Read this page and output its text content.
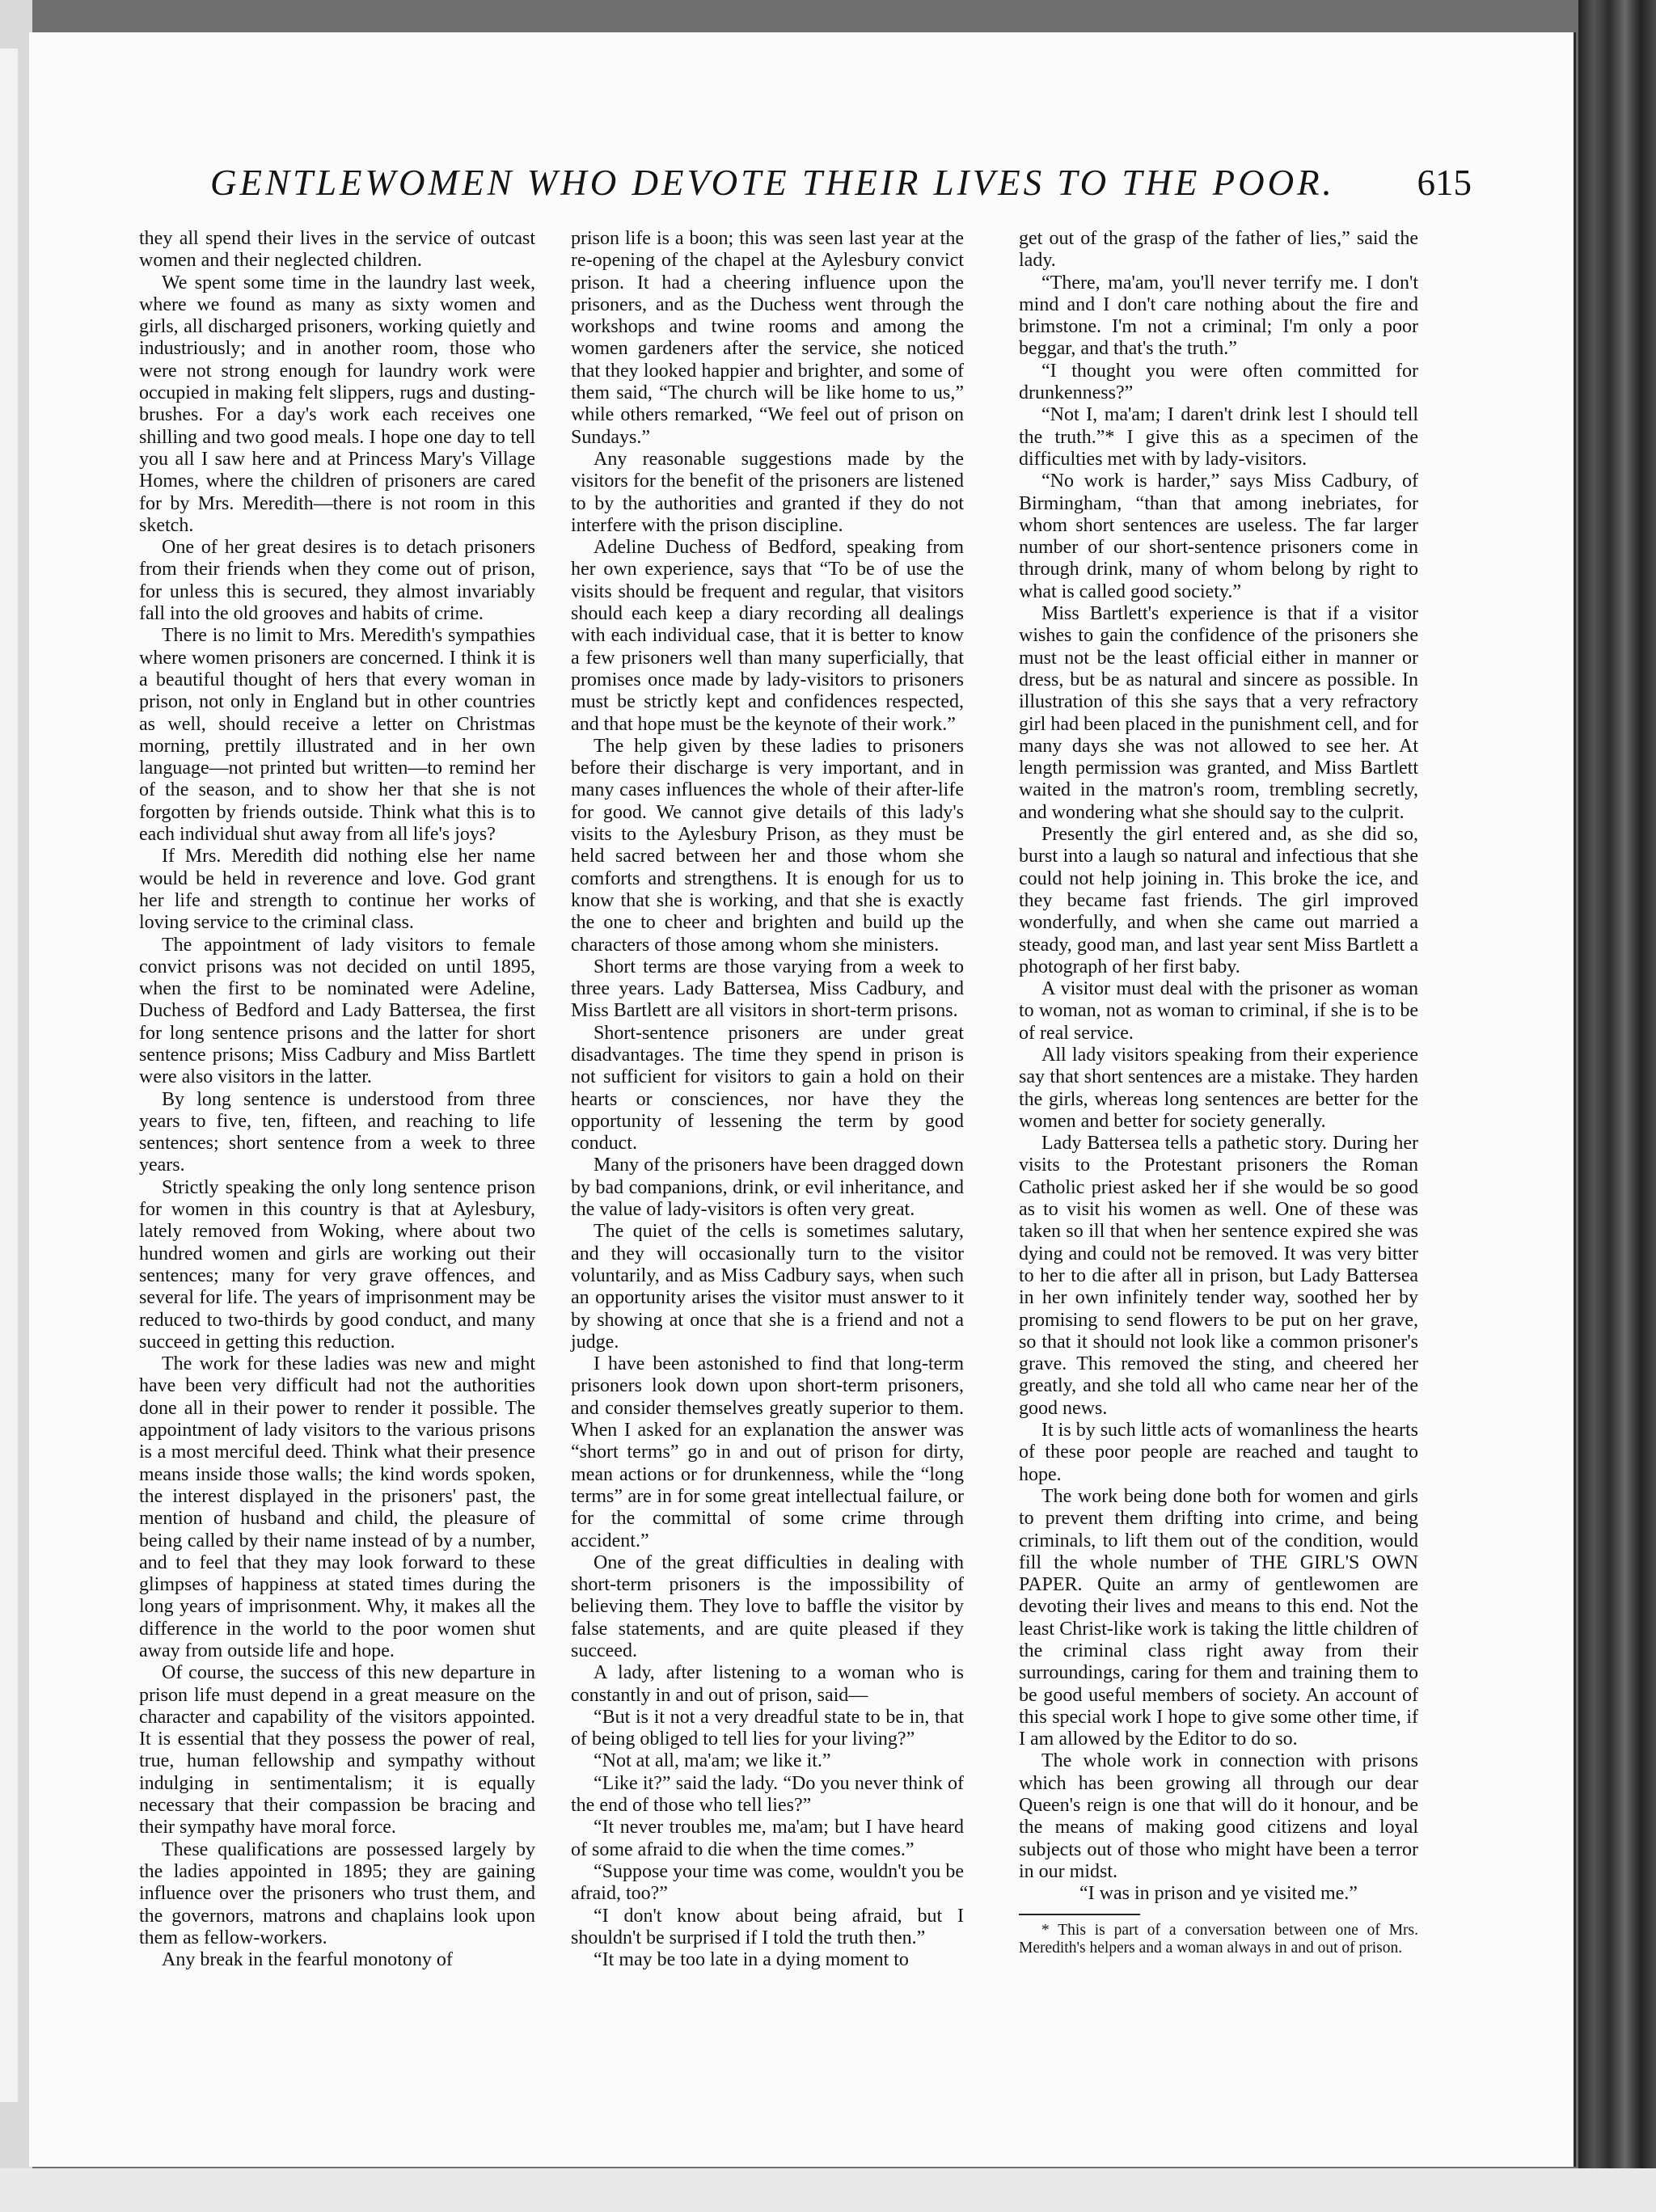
GENTLEWOMEN WHO DEVOTE THEIR LIVES TO THE POOR. 615

they all spend their lives in the service of outcast women and their neglected children.

We spent some time in the laundry last week, where we found as many as sixty women and girls, all discharged prisoners, working quietly and industriously; and in another room, those who were not strong enough for laundry work were occupied in making felt slippers, rugs and dusting-brushes. For a day's work each receives one shilling and two good meals. I hope one day to tell you all I saw here and at Princess Mary's Village Homes, where the children of prisoners are cared for by Mrs. Meredith—there is not room in this sketch.

One of her great desires is to detach prisoners from their friends when they come out of prison, for unless this is secured, they almost invariably fall into the old grooves and habits of crime.

There is no limit to Mrs. Meredith's sympathies where women prisoners are concerned. I think it is a beautiful thought of hers that every woman in prison, not only in England but in other countries as well, should receive a letter on Christmas morning, prettily illustrated and in her own language—not printed but written—to remind her of the season, and to show her that she is not forgotten by friends outside. Think what this is to each individual shut away from all life's joys?

If Mrs. Meredith did nothing else her name would be held in reverence and love. God grant her life and strength to continue her works of loving service to the criminal class.

The appointment of lady visitors to female convict prisons was not decided on until 1895, when the first to be nominated were Adeline, Duchess of Bedford and Lady Battersea, the first for long sentence prisons and the latter for short sentence prisons; Miss Cadbury and Miss Bartlett were also visitors in the latter.

By long sentence is understood from three years to five, ten, fifteen, and reaching to life sentences; short sentence from a week to three years.

Strictly speaking the only long sentence prison for women in this country is that at Aylesbury, lately removed from Woking, where about two hundred women and girls are working out their sentences; many for very grave offences, and several for life. The years of imprisonment may be reduced to two-thirds by good conduct, and many succeed in getting this reduction.

The work for these ladies was new and might have been very difficult had not the authorities done all in their power to render it possible. The appointment of lady visitors to the various prisons is a most merciful deed. Think what their presence means inside those walls; the kind words spoken, the interest displayed in the prisoners' past, the mention of husband and child, the pleasure of being called by their name instead of by a number, and to feel that they may look forward to these glimpses of happiness at stated times during the long years of imprisonment. Why, it makes all the difference in the world to the poor women shut away from outside life and hope.

Of course, the success of this new departure in prison life must depend in a great measure on the character and capability of the visitors appointed. It is essential that they possess the power of real, true, human fellowship and sympathy without indulging in sentimentalism; it is equally necessary that their compassion be bracing and their sympathy have moral force.

These qualifications are possessed largely by the ladies appointed in 1895; they are gaining influence over the prisoners who trust them, and the governors, matrons and chaplains look upon them as fellow-workers.

Any break in the fearful monotony of

prison life is a boon; this was seen last year at the re-opening of the chapel at the Aylesbury convict prison. It had a cheering influence upon the prisoners, and as the Duchess went through the workshops and twine rooms and among the women gardeners after the service, she noticed that they looked happier and brighter, and some of them said, “The church will be like home to us,” while others remarked, “We feel out of prison on Sundays.”

Any reasonable suggestions made by the visitors for the benefit of the prisoners are listened to by the authorities and granted if they do not interfere with the prison discipline.

Adeline Duchess of Bedford, speaking from her own experience, says that “To be of use the visits should be frequent and regular, that visitors should each keep a diary recording all dealings with each individual case, that it is better to know a few prisoners well than many superficially, that promises once made by lady-visitors to prisoners must be strictly kept and confidences respected, and that hope must be the keynote of their work.”

The help given by these ladies to prisoners before their discharge is very important, and in many cases influences the whole of their after-life for good. We cannot give details of this lady's visits to the Aylesbury Prison, as they must be held sacred between her and those whom she comforts and strengthens. It is enough for us to know that she is working, and that she is exactly the one to cheer and brighten and build up the characters of those among whom she ministers.

Short terms are those varying from a week to three years. Lady Battersea, Miss Cadbury, and Miss Bartlett are all visitors in short-term prisons.

Short-sentence prisoners are under great disadvantages. The time they spend in prison is not sufficient for visitors to gain a hold on their hearts or consciences, nor have they the opportunity of lessening the term by good conduct.

Many of the prisoners have been dragged down by bad companions, drink, or evil inheritance, and the value of lady-visitors is often very great.

The quiet of the cells is sometimes salutary, and they will occasionally turn to the visitor voluntarily, and as Miss Cadbury says, when such an opportunity arises the visitor must answer to it by showing at once that she is a friend and not a judge.

I have been astonished to find that long-term prisoners look down upon short-term prisoners, and consider themselves greatly superior to them. When I asked for an explanation the answer was “short terms” go in and out of prison for dirty, mean actions or for drunkenness, while the “long terms” are in for some great intellectual failure, or for the committal of some crime through accident.”

One of the great difficulties in dealing with short-term prisoners is the impossibility of believing them. They love to baffle the visitor by false statements, and are quite pleased if they succeed.

A lady, after listening to a woman who is constantly in and out of prison, said—

“But is it not a very dreadful state to be in, that of being obliged to tell lies for your living?”

“Not at all, ma'am; we like it.”

“Like it?” said the lady. “Do you never think of the end of those who tell lies?”

“It never troubles me, ma'am; but I have heard of some afraid to die when the time comes.”

“Suppose your time was come, wouldn't you be afraid, too?”

“I don't know about being afraid, but I shouldn't be surprised if I told the truth then.”

“It may be too late in a dying moment to

get out of the grasp of the father of lies,” said the lady.

“There, ma'am, you'll never terrify me. I don't mind and I don't care nothing about the fire and brimstone. I'm not a criminal; I'm only a poor beggar, and that's the truth.”

“I thought you were often committed for drunkenness?”

“Not I, ma'am; I daren't drink lest I should tell the truth.”* I give this as a specimen of the difficulties met with by lady-visitors.

“No work is harder,” says Miss Cadbury, of Birmingham, “than that among inebriates, for whom short sentences are useless. The far larger number of our short-sentence prisoners come in through drink, many of whom belong by right to what is called good society.”

Miss Bartlett's experience is that if a visitor wishes to gain the confidence of the prisoners she must not be the least official either in manner or dress, but be as natural and sincere as possible. In illustration of this she says that a very refractory girl had been placed in the punishment cell, and for many days she was not allowed to see her. At length permission was granted, and Miss Bartlett waited in the matron's room, trembling secretly, and wondering what she should say to the culprit.

Presently the girl entered and, as she did so, burst into a laugh so natural and infectious that she could not help joining in. This broke the ice, and they became fast friends. The girl improved wonderfully, and when she came out married a steady, good man, and last year sent Miss Bartlett a photograph of her first baby.

A visitor must deal with the prisoner as woman to woman, not as woman to criminal, if she is to be of real service.

All lady visitors speaking from their experience say that short sentences are a mistake. They harden the girls, whereas long sentences are better for the women and better for society generally.

Lady Battersea tells a pathetic story. During her visits to the Protestant prisoners the Roman Catholic priest asked her if she would be so good as to visit his women as well. One of these was taken so ill that when her sentence expired she was dying and could not be removed. It was very bitter to her to die after all in prison, but Lady Battersea in her own infinitely tender way, soothed her by promising to send flowers to be put on her grave, so that it should not look like a common prisoner's grave. This removed the sting, and cheered her greatly, and she told all who came near her of the good news.

It is by such little acts of womanliness the hearts of these poor people are reached and taught to hope.

The work being done both for women and girls to prevent them drifting into crime, and being criminals, to lift them out of the condition, would fill the whole number of THE GIRL'S OWN PAPER. Quite an army of gentlewomen are devoting their lives and means to this end. Not the least Christ-like work is taking the little children of the criminal class right away from their surroundings, caring for them and training them to be good useful members of society. An account of this special work I hope to give some other time, if I am allowed by the Editor to do so.

The whole work in connection with prisons which has been growing all through our dear Queen's reign is one that will do it honour, and be the means of making good citizens and loyal subjects out of those who might have been a terror in our midst.

“I was in prison and ye visited me.”

* This is part of a conversation between one of Mrs. Meredith's helpers and a woman always in and out of prison.
